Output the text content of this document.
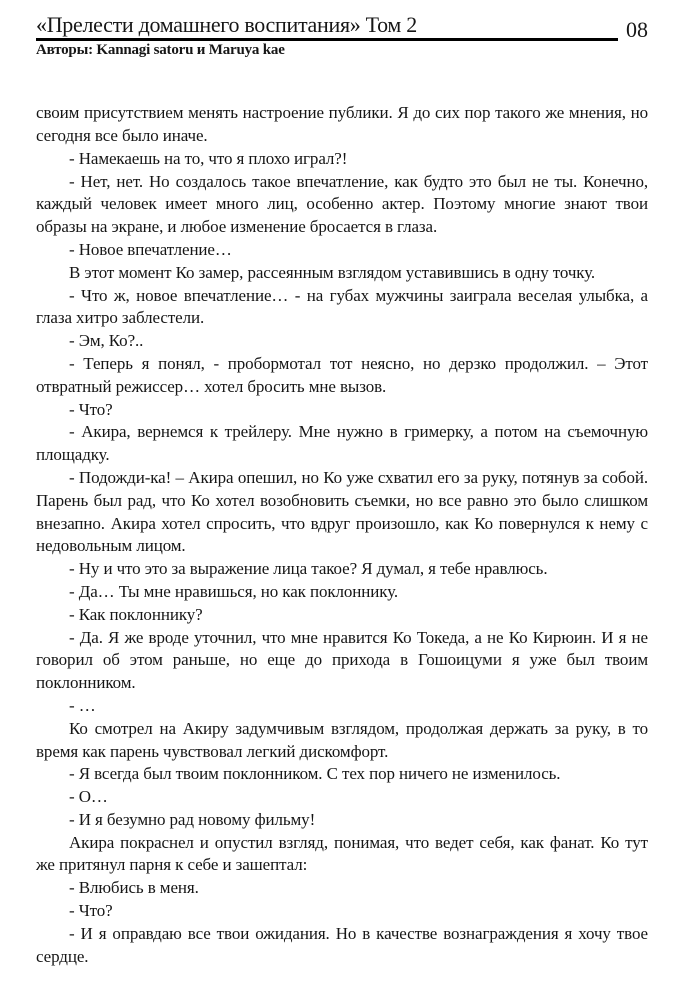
«Прелести домашнего воспитания» Том 2	08
Авторы: Kannagi satoru и Maruya kae

своим присутствием менять настроение публики. Я до сих пор такого же мнения, но сегодня все было иначе.

- Намекаешь на то, что я плохо играл?!

- Нет, нет. Но создалось такое впечатление, как будто это был не ты. Конечно, каждый человек имеет много лиц, особенно актер. Поэтому многие знают твои образы на экране, и любое изменение бросается в глаза.

- Новое впечатление…

В этот момент Ко замер, рассеянным взглядом уставившись в одну точку.

- Что ж, новое впечатление… - на губах мужчины заиграла веселая улыбка, а глаза хитро заблестели.

- Эм, Ко?..

- Теперь я понял, - пробормотал тот неясно, но дерзко продолжил. – Этот отвратный режиссер… хотел бросить мне вызов.

- Что?

- Акира, вернемся к трейлеру. Мне нужно в гримерку, а потом на съемочную площадку.

- Подожди-ка! – Акира опешил, но Ко уже схватил его за руку, потянув за собой. Парень был рад, что Ко хотел возобновить съемки, но все равно это было слишком внезапно. Акира хотел спросить, что вдруг произошло, как Ко повернулся к нему с недовольным лицом.

- Ну и что это за выражение лица такое? Я думал, я тебе нравлюсь.

- Да… Ты мне нравишься, но как поклоннику.

- Как поклоннику?

- Да. Я же вроде уточнил, что мне нравится Ко Токеда, а не Ко Кирюин. И я не говорил об этом раньше, но еще до прихода в Гошоицуми я уже был твоим поклонником.

- …

Ко смотрел на Акиру задумчивым взглядом, продолжая держать за руку, в то время как парень чувствовал легкий дискомфорт.

- Я всегда был твоим поклонником. С тех пор ничего не изменилось.

- О…

- И я безумно рад новому фильму!

Акира покраснел и опустил взгляд, понимая, что ведет себя, как фанат. Ко тут же притянул парня к себе и зашептал:

- Влюбись в меня.

- Что?

- И я оправдаю все твои ожидания. Но в качестве вознаграждения я хочу твое сердце.
